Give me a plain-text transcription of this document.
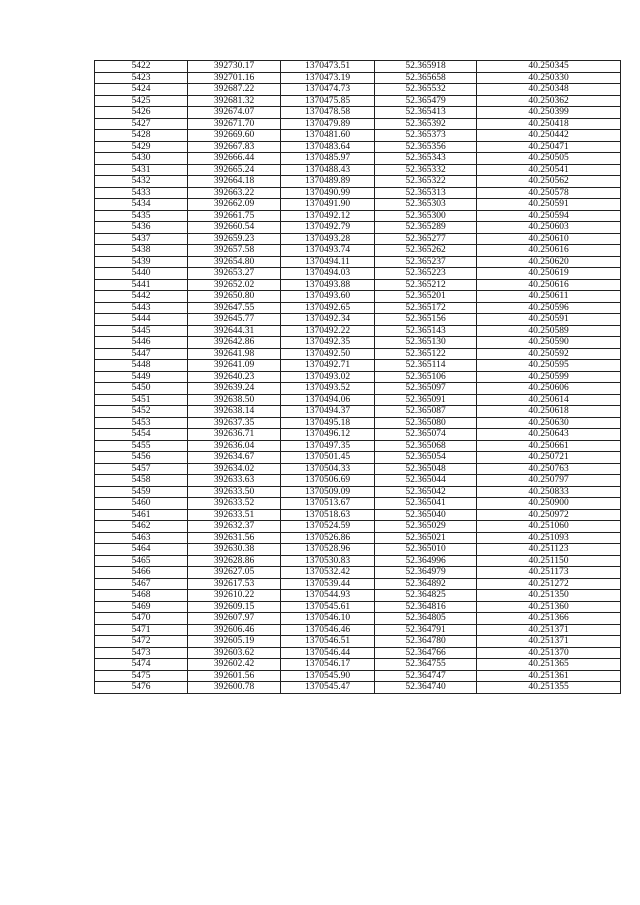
5422	392730.17	1370473.51	52.365918	40.250345
5423	392701.16	1370473.19	52.365658	40.250330
5424	392687.22	1370474.73	52.365532	40.250348
5425	392681.32	1370475.85	52.365479	40.250362
5426	392674.07	1370478.58	52.365413	40.250399
5427	392671.70	1370479.89	52.365392	40.250418
5428	392669.60	1370481.60	52.365373	40.250442
5429	392667.83	1370483.64	52.365356	40.250471
5430	392666.44	1370485.97	52.365343	40.250505
5431	392665.24	1370488.43	52.365332	40.250541
5432	392664.18	1370489.89	52.365322	40.250562
5433	392663.22	1370490.99	52.365313	40.250578
5434	392662.09	1370491.90	52.365303	40.250591
5435	392661.75	1370492.12	52.365300	40.250594
5436	392660.54	1370492.79	52.365289	40.250603
5437	392659.23	1370493.28	52.365277	40.250610
5438	392657.58	1370493.74	52.365262	40.250616
5439	392654.80	1370494.11	52.365237	40.250620
5440	392653.27	1370494.03	52.365223	40.250619
5441	392652.02	1370493.88	52.365212	40.250616
5442	392650.80	1370493.60	52.365201	40.250611
5443	392647.55	1370492.65	52.365172	40.250596
5444	392645.77	1370492.34	52.365156	40.250591
5445	392644.31	1370492.22	52.365143	40.250589
5446	392642.86	1370492.35	52.365130	40.250590
5447	392641.98	1370492.50	52.365122	40.250592
5448	392641.09	1370492.71	52.365114	40.250595
5449	392640.23	1370493.02	52.365106	40.250599
5450	392639.24	1370493.52	52.365097	40.250606
5451	392638.50	1370494.06	52.365091	40.250614
5452	392638.14	1370494.37	52.365087	40.250618
5453	392637.35	1370495.18	52.365080	40.250630
5454	392636.71	1370496.12	52.365074	40.250643
5455	392636.04	1370497.35	52.365068	40.250661
5456	392634.67	1370501.45	52.365054	40.250721
5457	392634.02	1370504.33	52.365048	40.250763
5458	392633.63	1370506.69	52.365044	40.250797
5459	392633.50	1370509.09	52.365042	40.250833
5460	392633.52	1370513.67	52.365041	40.250900
5461	392633.51	1370518.63	52.365040	40.250972
5462	392632.37	1370524.59	52.365029	40.251060
5463	392631.56	1370526.86	52.365021	40.251093
5464	392630.38	1370528.96	52.365010	40.251123
5465	392628.86	1370530.83	52.364996	40.251150
5466	392627.05	1370532.42	52.364979	40.251173
5467	392617.53	1370539.44	52.364892	40.251272
5468	392610.22	1370544.93	52.364825	40.251350
5469	392609.15	1370545.61	52.364816	40.251360
5470	392607.97	1370546.10	52.364805	40.251366
5471	392606.46	1370546.46	52.364791	40.251371
5472	392605.19	1370546.51	52.364780	40.251371
5473	392603.62	1370546.44	52.364766	40.251370
5474	392602.42	1370546.17	52.364755	40.251365
5475	392601.56	1370545.90	52.364747	40.251361
5476	392600.78	1370545.47	52.364740	40.251355
